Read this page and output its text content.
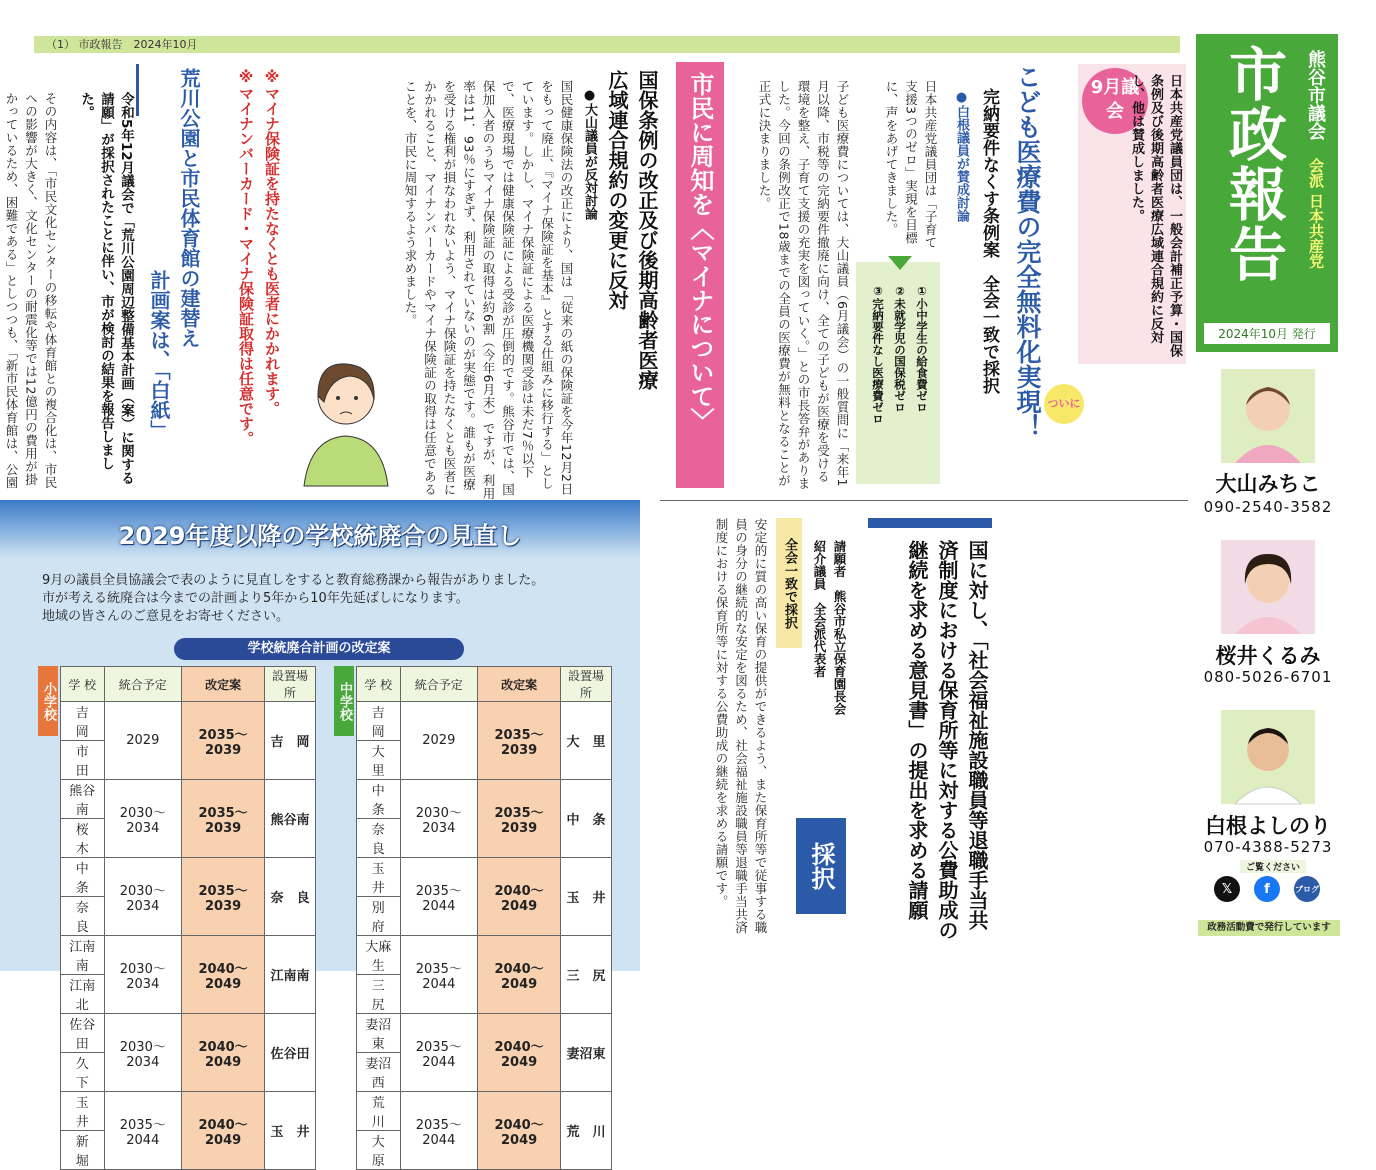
（1） 市政報告　2024年10月	市政報告 熊谷市議会
会派 日本共産党
2024年10月 発行
大山みちこ
090-2540-3582
桜井くるみ
080-5026-6701
白根よしのり
070-4388-5273
ご覧ください
𝕏	f	ブログ
政務活動費で発行しています
9月議会	日本共産党議員団は、一般会計補正予算・国保条例及び後期高齢者医療広域連合規約に反対し、他は賛成しました。
こども医療費の完全無料化実現！ ついに
完納要件なくす条例案　全会一致で採択
●白根議員が賛成討論
日本共産党議員団は「子育て支援3つのゼロ」実現を目標に、声をあげてきました。
①小中学生の給食費ゼロ
②未就学児の国保税ゼロ
③完納要件なし医療費ゼロ
子ども医療費については、大山議員（6月議会）の一般質問に「来年1月以降、市税等の完納要件撤廃に向け、全ての子どもが医療を受ける環境を整え、子育て支援の充実を図っていく。」との市長答弁がありました。今回の条例改正で18歳までの全員の医療費が無料となることが正式に決まりました。
市民に周知を〈マイナについて〉
国保条例の改正及び後期高齢者医療
広域連合規約の変更に反対
●大山議員が反対討論
国民健康保険法の改正により、国は「従来の紙の保険証を今年12月2日をもって廃止、『マイナ保険証を基本』とする仕組みに移行する」としています。しかし、マイナ保険証による医療機関受診は未だ7％以下で、医療現場では健康保険証による受診が圧倒的です。熊谷市では、国保加入者のうちマイナ保険証の取得は約6割（今年6月末）ですが、利用率は11．93％にすぎず、利用されていないのが実態です。誰もが医療を受ける権利が損なわれないよう、マイナ保険証を持たなくとも医者にかかれること、マイナンバーカードやマイナ保険証の取得は任意であることを、市民に周知するよう求めました。
※マイナ保険証を持たなくとも医者にかかれます。
※マイナンバーカード・マイナ保険証取得は任意です。
荒川公園と市民体育館の建替え
計画案は、「白紙」
令和5年12月議会で「荒川公園周辺整備基本計画（案）に関する請願」が採択されたことに伴い、市が検討の結果を報告しました。
その内容は、「市民文化センターの移転や体育館との複合化は、市民への影響が大きく、文化センターの耐震化等では12億円の費用が掛かっているため、困難である」としつつも、「新市民体育館は、公園
国に対し、「社会福祉施設職員等退職手当共済制度における保育所等に対する公費助成の継続を求める意見書」の提出を求める請願
採択
全会一致で採択	請願者　熊谷市私立保育園長会
紹介議員　全会派代表者
安定的に質の高い保育の提供ができるよう、また保育所等で従事する職員の身分の継続的な安定を図るため、社会福祉施設職員等退職手当共済制度における保育所等に対する公費助成の継続を求める請願です。
2029年度以降の学校統廃合の見直し
9月の議員全員協議会で表のように見直しをすると教育総務課から報告がありました。
市が考える統廃合は今までの計画より5年から10年先延ばしになります。
地域の皆さんのご意見をお寄せください。
学校統廃合計画の改定案
小学校 学 校	統合予定	改定案	設置場所
吉　岡	2029	2035～2039	吉　岡
市　田			
熊谷南	2030～2034	2035～2039	熊谷南
桜　木			
中　条	2030～2034	2035～2039	奈　良
奈　良			
江南南	2030～2034	2040～2049	江南南
江南北			
佐谷田	2030～2034	2040～2049	佐谷田
久　下			
玉　井	2035～2044	2040～2049	玉　井
新　堀			
中学校 学 校	統合予定	改定案	設置場所
吉　岡	2029	2035～2039	大　里
大　里			
中　条	2030～2034	2035～2039	中　条
奈　良			
玉　井	2035～2044	2040～2049	玉　井
別　府			
大麻生	2035～2044	2040～2049	三　尻
三　尻			
妻沼東	2035～2044	2040～2049	妻沼東
妻沼西			
荒　川	2035～2044	2040～2049	荒　川
大　原			
